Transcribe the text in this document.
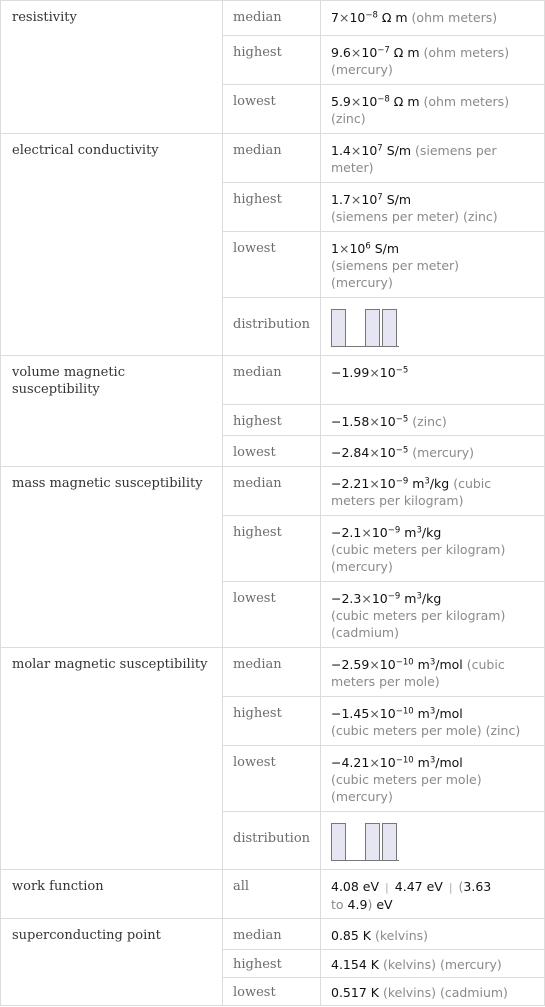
resistivity	median	$7\times 10^{-8}$ Ω m (ohm meters)
	highest	$9.6\times 10^{-7}$ Ω m (ohm meters) (mercury)
	lowest	$5.9\times 10^{-8}$ Ω m (ohm meters) (zinc)
electrical conductivity	median	$1.4\times 10^7$ S/m (siemens per meter)
	highest	$1.7\times 10^7$ S/m
(siemens per meter) (zinc)
	lowest	$1\times 10^6$ S/m
(siemens per meter)
(mercury)
	distribution	

volume magnetic susceptibility	median	$-1.99\times 10^{-5}$
	highest	$-1.58\times 10^{-5}$ (zinc)
	lowest	$-2.84\times 10^{-5}$ (mercury)
mass magnetic susceptibility	median	$-2.21\times 10^{-9}$ $m^3/kg$ (cubic meters per kilogram)
	highest	$-2.1\times 10^{-9}$ $m^3/kg$
(cubic meters per kilogram)
(mercury)
	lowest	$-2.3\times 10^{-9}$ $m^3/kg$
(cubic meters per kilogram)
(cadmium)
molar magnetic susceptibility	median	$-2.59\times 10^{-10}$ $m^3$/mol (cubic meters per mole)
	highest	$-1.45\times 10^{-10}$ $m^3$/mol
(cubic meters per mole) (zinc)
	lowest	$-4.21\times 10^{-10}$ $m^3$/mol
(cubic meters per mole)
(mercury)
	distribution	

work function	all	4.08 eV | 4.47 eV | (3.63
to 4.9) eV
superconducting point	median	0.85 K (kelvins)
	highest	4.154 K (kelvins) (mercury)
	lowest	0.517 K (kelvins) (cadmium)
